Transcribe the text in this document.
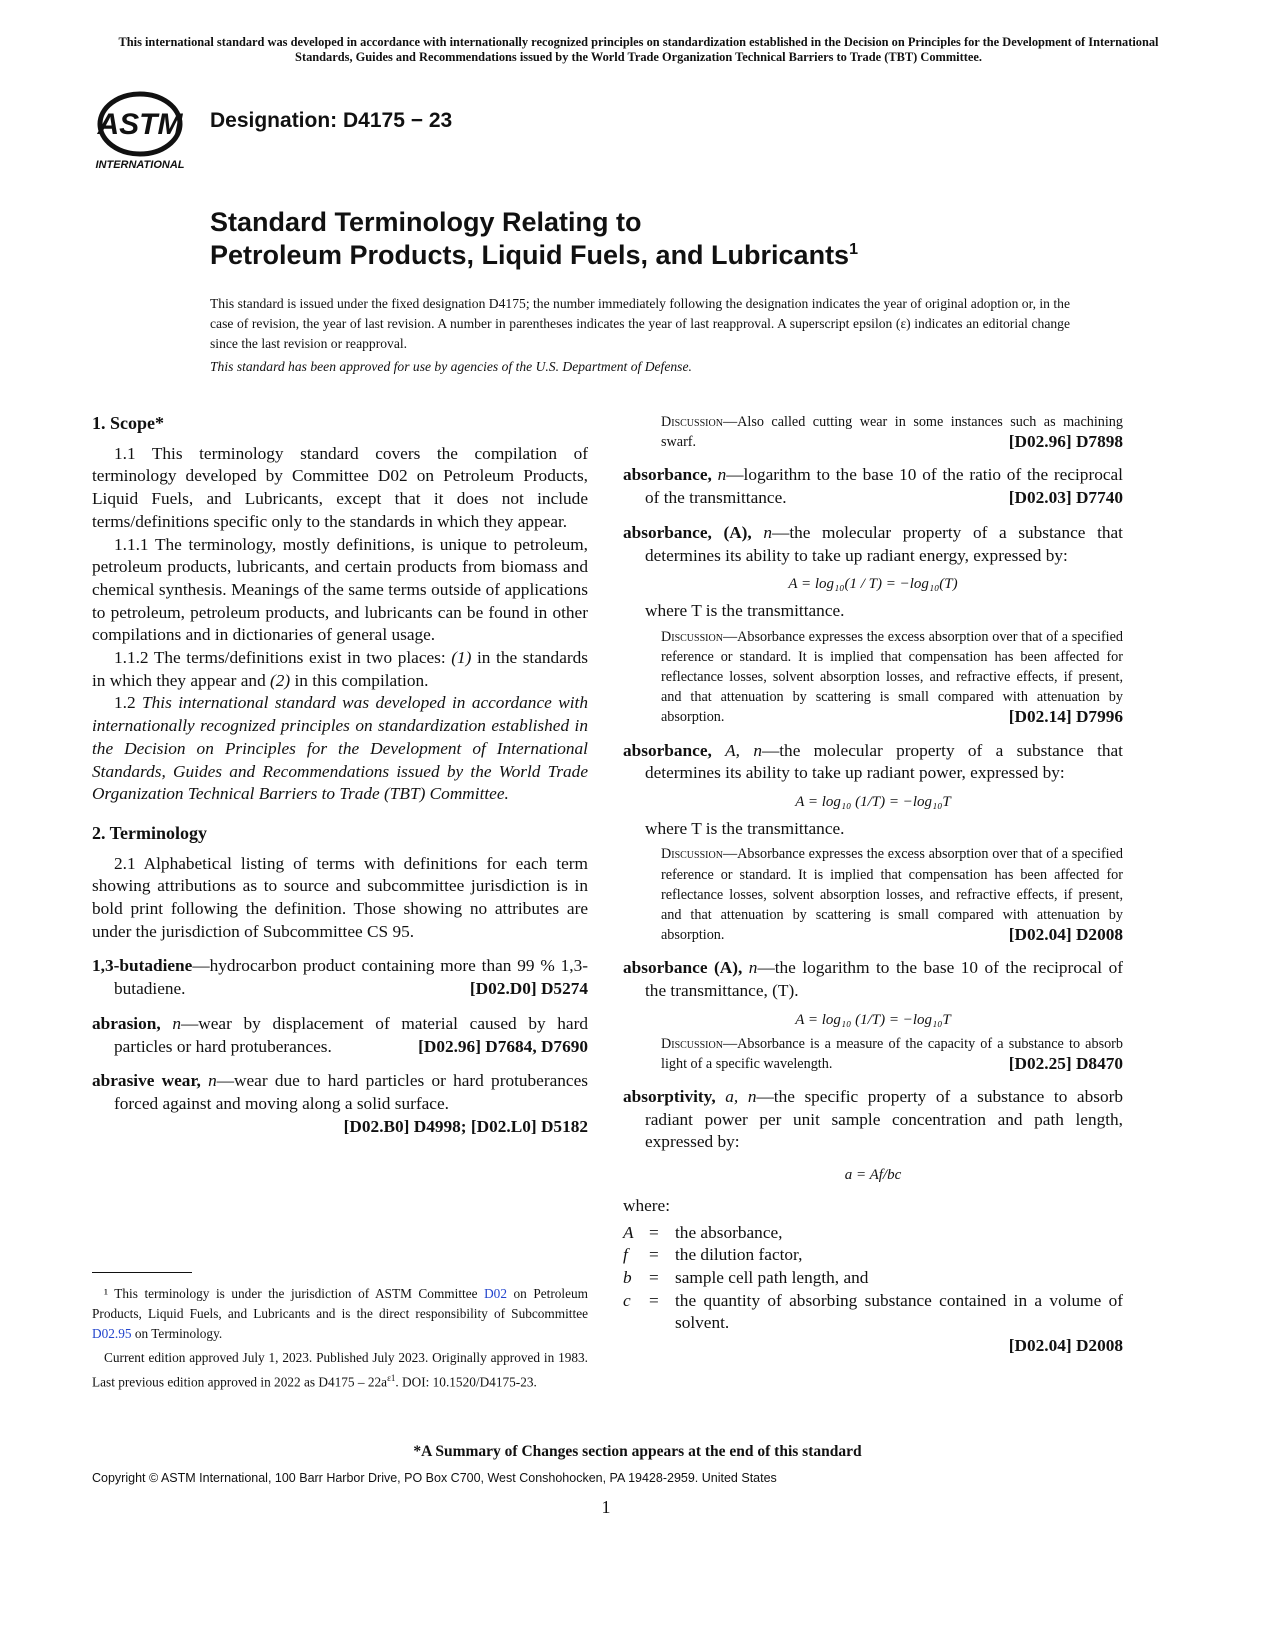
This international standard was developed in accordance with internationally recognized principles on standardization established in the Decision on Principles for the Development of International Standards, Guides and Recommendations issued by the World Trade Organization Technical Barriers to Trade (TBT) Committee.
ASTM
INTERNATIONAL
Designation: D4175 − 23
Standard Terminology Relating to
Petroleum Products, Liquid Fuels, and Lubricants$^1$
This standard is issued under the fixed designation D4175; the number immediately following the designation indicates the year of original adoption or, in the case of revision, the year of last revision. A number in parentheses indicates the year of last reapproval. A superscript epsilon (ε) indicates an editorial change since the last revision or reapproval.
This standard has been approved for use by agencies of the U.S. Department of Defense.

1. Scope*

1.1 This terminology standard covers the compilation of terminology developed by Committee D02 on Petroleum Products, Liquid Fuels, and Lubricants, except that it does not include terms/definitions specific only to the standards in which they appear.

1.1.1 The terminology, mostly definitions, is unique to petroleum, petroleum products, lubricants, and certain products from biomass and chemical synthesis. Meanings of the same terms outside of applications to petroleum, petroleum products, and lubricants can be found in other compilations and in dictionaries of general usage.

1.1.2 The terms/definitions exist in two places: (1) in the standards in which they appear and (2) in this compilation.

1.2 This international standard was developed in accordance with internationally recognized principles on standardization established in the Decision on Principles for the Development of International Standards, Guides and Recommendations issued by the World Trade Organization Technical Barriers to Trade (TBT) Committee.

2. Terminology

2.1 Alphabetical listing of terms with definitions for each term showing attributions as to source and subcommittee jurisdiction is in bold print following the definition. Those showing no attributes are under the jurisdiction of Subcommittee CS 95.

1,3-butadiene—hydrocarbon product containing more than 99 % 1,3-butadiene.	[D02.D0] D5274

abrasion, n—wear by displacement of material caused by hard particles or hard protuberances.	[D02.96] D7684, D7690

abrasive wear, n—wear due to hard particles or hard protuberances forced against and moving along a solid surface.
[D02.B0] D4998; [D02.L0] D5182

¹ This terminology is under the jurisdiction of ASTM Committee D02 on Petroleum Products, Liquid Fuels, and Lubricants and is the direct responsibility of Subcommittee D02.95 on Terminology.

Current edition approved July 1, 2023. Published July 2023. Originally approved in 1983. Last previous edition approved in 2022 as $D4175 - 22a^{\varepsilon 1}$. DOI: 10.1520/D4175-23.

Discussion—Also called cutting wear in some instances such as machining swarf.	[D02.96] D7898

absorbance, n—logarithm to the base 10 of the ratio of the reciprocal of the transmittance.	[D02.03] D7740

absorbance, (A), n—the molecular property of a substance that determines its ability to take up radiant energy, expressed by:

A = log₁₀(1 / T) = −log₁₀(T)

where T is the transmittance.

Discussion—Absorbance expresses the excess absorption over that of a specified reference or standard. It is implied that compensation has been affected for reflectance losses, solvent absorption losses, and refractive effects, if present, and that attenuation by scattering is small compared with attenuation by absorption.	[D02.14] D7996

absorbance, A, n—the molecular property of a substance that determines its ability to take up radiant power, expressed by:

A = log₁₀ (1/T) = −log₁₀T

where T is the transmittance.

Discussion—Absorbance expresses the excess absorption over that of a specified reference or standard. It is implied that compensation has been affected for reflectance losses, solvent absorption losses, and refractive effects, if present, and that attenuation by scattering is small compared with attenuation by absorption.	[D02.04] D2008

absorbance (A), n—the logarithm to the base 10 of the reciprocal of the transmittance, (T).

A = log₁₀ (1/T) = −log₁₀T

Discussion—Absorbance is a measure of the capacity of a substance to absorb light of a specific wavelength.	[D02.25] D8470

absorptivity, a, n—the specific property of a substance to absorb radiant power per unit sample concentration and path length, expressed by:

a = Af/bc

where:

A = the absorbance,
f	= the dilution factor,
b	= sample cell path length, and
c	= the quantity of absorbing substance contained in a volume of solvent.

[D02.04] D2008

*A Summary of Changes section appears at the end of this standard
Copyright © ASTM International, 100 Barr Harbor Drive, PO Box C700, West Conshohocken, PA 19428-2959. United States
1
